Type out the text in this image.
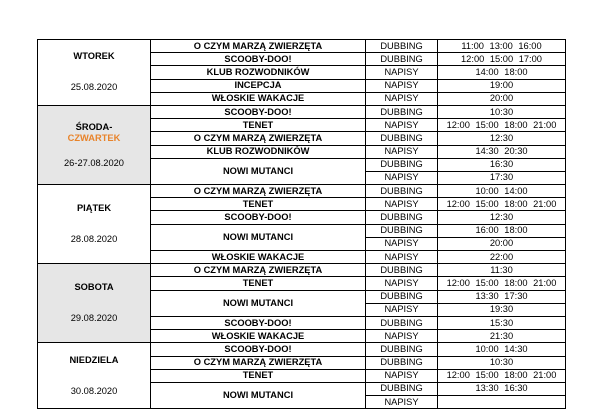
WTOREK
25.08.2020	O CZYM MARZĄ ZWIERZĘTA	DUBBING	11:00 13:00 16:00
	SCOOBY-DOO!	DUBBING	12:00 15:00 17:00
	KLUB ROZWODNIKÓW	NAPISY	14:00 18:00
	INCEPCJA	NAPISY	19:00
	WŁOSKIE WAKACJE	NAPISY	20:00

ŚRODA-
CZWARTEK
26-27.08.2020	SCOOBY-DOO!	DUBBING	10:30
	TENET	NAPISY	12:00 15:00 18:00 21:00
	O CZYM MARZĄ ZWIERZĘTA	DUBBING	12:30
	KLUB ROZWODNIKÓW	NAPISY	14:30 20:30
	NOWI MUTANCI	DUBBING	16:30
		NAPISY	17:30

PIĄTEK
28.08.2020	O CZYM MARZĄ ZWIERZĘTA	DUBBING	10:00 14:00
	TENET	NAPISY	12:00 15:00 18:00 21:00
	SCOOBY-DOO!	DUBBING	12:30
	NOWI MUTANCI	DUBBING	16:00 18:00
		NAPISY	20:00
	WŁOSKIE WAKACJE	NAPISY	22:00

SOBOTA
29.08.2020	O CZYM MARZĄ ZWIERZĘTA	DUBBING	11:30
	TENET	NAPISY	12:00 15:00 18:00 21:00
	NOWI MUTANCI	DUBBING	13:30 17:30
		NAPISY	19:30
	SCOOBY-DOO!	DUBBING	15:30
	WŁOSKIE WAKACJE	NAPISY	21:30

NIEDZIELA
30.08.2020	SCOOBY-DOO!	DUBBING	10:00 14:30
	O CZYM MARZĄ ZWIERZĘTA	DUBBING	10:30
	TENET	NAPISY	12:00 15:00 18:00 21:00
	NOWI MUTANCI	DUBBING	13:30 16:30
		NAPISY	
